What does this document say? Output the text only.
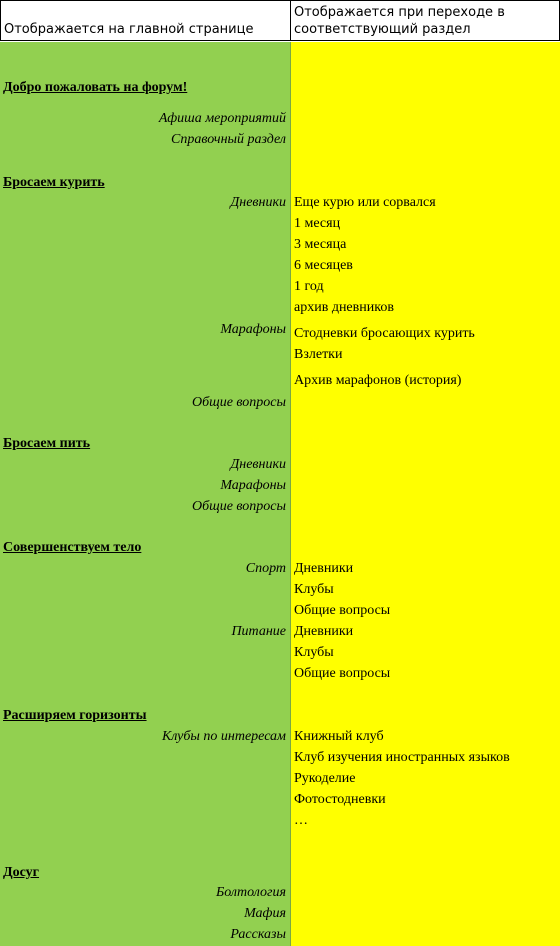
Отображается на главной странице
Отображается при переходе в соответствующий раздел
Добро пожаловать на форум!
Афиша мероприятий
Справочный раздел
Бросаем курить
Дневники Еще курю или сорвался
1 месяц
3 месяца
6 месяцев
1 год
архив дневников
Марафоны Стодневки бросающих курить
Взлетки
Архив марафонов (история)
Общие вопросы
Бросаем пить
Дневники
Марафоны
Общие вопросы
Совершенствуем тело
Спорт Дневники
Клубы
Общие вопросы
Питание Дневники
Клубы
Общие вопросы
Расширяем горизонты
Клубы по интересам Книжный клуб
Клуб изучения иностранных языков
Рукоделие
Фотостодневки
…
Досуг
Болтология
Мафия
Рассказы
